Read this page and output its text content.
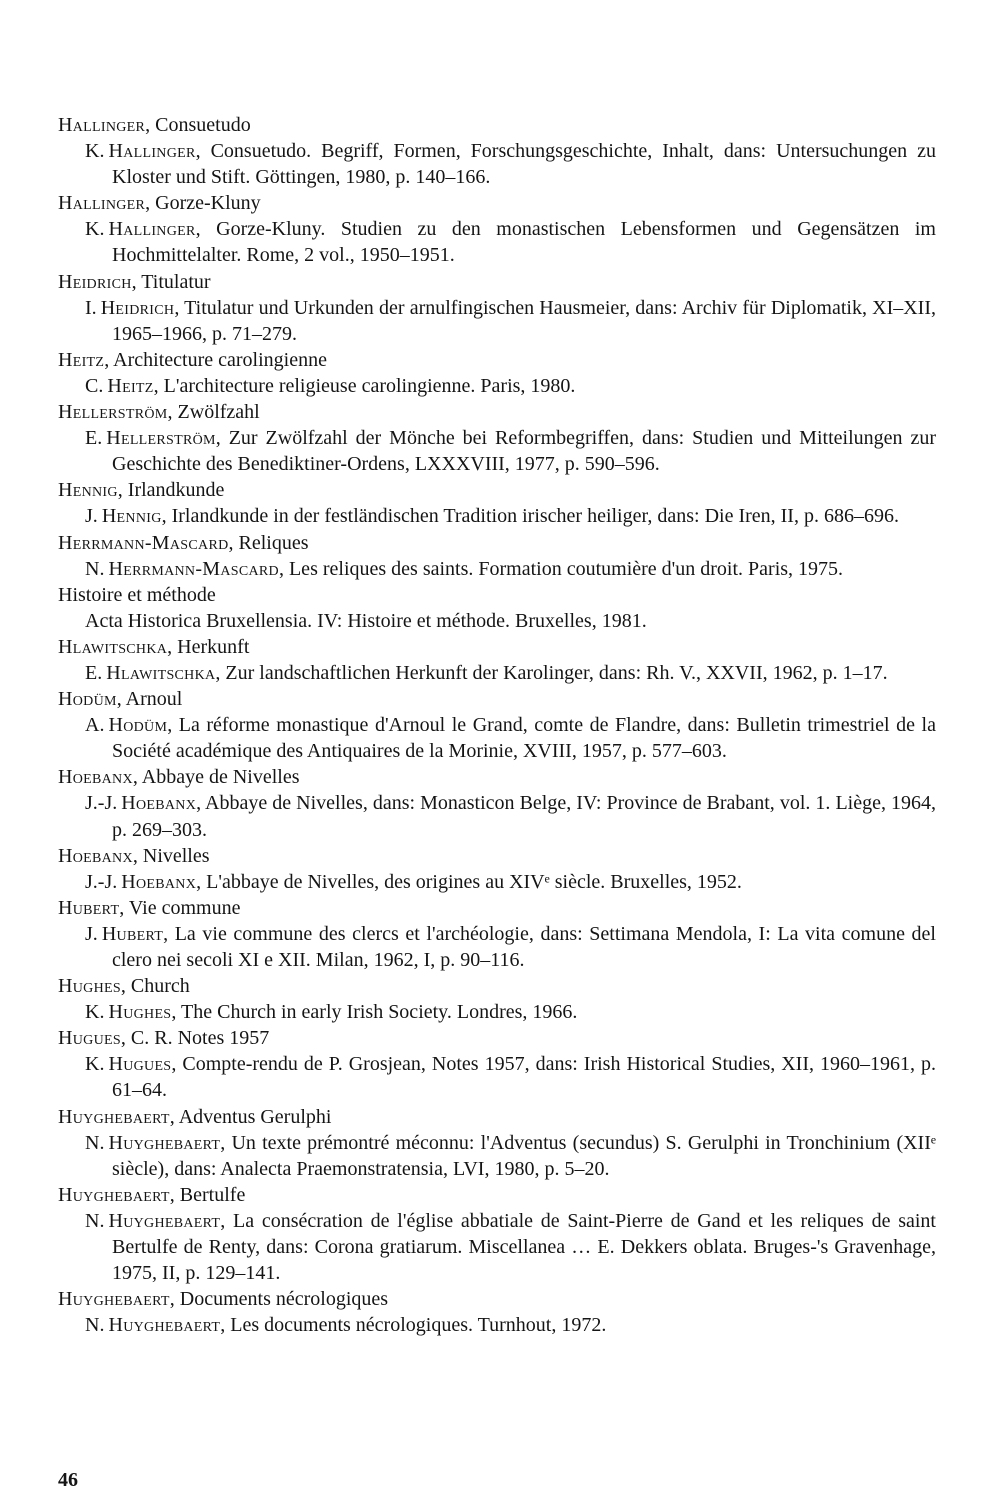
Hallinger, Consuetudo
K.  Hallinger, Consuetudo. Begriff, Formen, Forschungsgeschichte, Inhalt, dans: Untersuchungen zu Kloster und Stift. Göttingen, 1980, p. 140–166.
Hallinger, Gorze-Kluny
K.  Hallinger, Gorze-Kluny. Studien zu den monastischen Lebensformen und Gegensätzen im Hochmittelalter. Rome, 2 vol., 1950–1951.
Heidrich, Titulatur
I.  Heidrich, Titulatur und Urkunden der arnulfingischen Hausmeier, dans: Archiv für Diplomatik, XI–XII, 1965–1966, p. 71–279.
Heitz, Architecture carolingienne
C.  Heitz, L'architecture religieuse carolingienne. Paris, 1980.
Hellerström, Zwölfzahl
E.  Hellerström, Zur Zwölfzahl der Mönche bei Reformbegriffen, dans: Studien und Mitteilungen zur Geschichte des Benediktiner-Ordens, LXXXVIII, 1977, p. 590–596.
Hennig, Irlandkunde
J.  Hennig, Irlandkunde in der festländischen Tradition irischer heiliger, dans: Die Iren, II, p. 686–696.
Herrmann-Mascard, Reliques
N.  Herrmann-Mascard, Les reliques des saints. Formation coutumière d'un droit. Paris, 1975.
Histoire et méthode
Acta Historica Bruxellensia. IV: Histoire et méthode. Bruxelles, 1981.
Hlawitschka, Herkunft
E.  Hlawitschka, Zur landschaftlichen Herkunft der Karolinger, dans: Rh. V., XXVII, 1962, p. 1–17.
Hodüm, Arnoul
A.  Hodüm, La réforme monastique d'Arnoul le Grand, comte de Flandre, dans: Bulletin trimestriel de la Société académique des Antiquaires de la Morinie, XVIII, 1957, p. 577–603.
Hoebanx, Abbaye de Nivelles
J.-J.  Hoebanx, Abbaye de Nivelles, dans: Monasticon Belge, IV: Province de Brabant, vol. 1. Liège, 1964, p. 269–303.
Hoebanx, Nivelles
J.-J.  Hoebanx, L'abbaye de Nivelles, des origines au XIVᵉ siècle. Bruxelles, 1952.
Hubert, Vie commune
J.  Hubert, La vie commune des clercs et l'archéologie, dans: Settimana Mendola, I: La vita comune del clero nei secoli XI e XII. Milan, 1962, I, p. 90–116.
Hughes, Church
K.  Hughes, The Church in early Irish Society. Londres, 1966.
Hugues, C. R. Notes 1957
K.  Hugues, Compte-rendu de P. Grosjean, Notes 1957, dans: Irish Historical Studies, XII, 1960–1961, p. 61–64.
Huyghebaert, Adventus Gerulphi
N.  Huyghebaert, Un texte prémontré méconnu: l'Adventus (secundus) S. Gerulphi in Tronchinium (XIIᵉ siècle), dans: Analecta Praemonstratensia, LVI, 1980, p. 5–20.
Huyghebaert, Bertulfe
N.  Huyghebaert, La consécration de l'église abbatiale de Saint-Pierre de Gand et les reliques de saint Bertulfe de Renty, dans: Corona gratiarum. Miscellanea … E. Dekkers oblata. Bruges-'s Gravenhage, 1975, II, p. 129–141.
Huyghebaert, Documents nécrologiques
N.  Huyghebaert, Les documents nécrologiques. Turnhout, 1972.
46
